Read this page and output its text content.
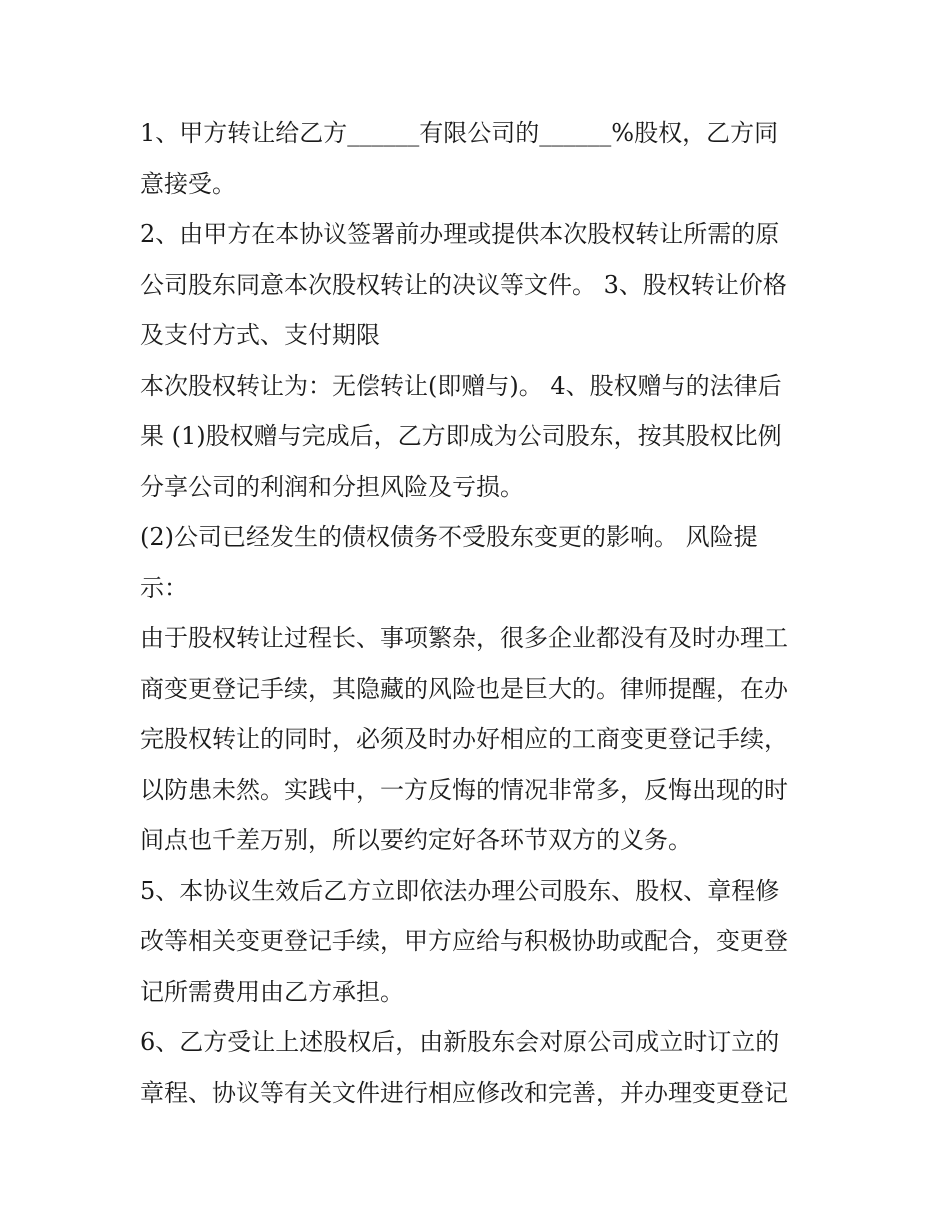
1、甲方转让给乙方______有限公司的______%股权，乙方同
意接受。

2、由甲方在本协议签署前办理或提供本次股权转让所需的原
公司股东同意本次股权转让的决议等文件。 3、股权转让价格
及支付方式、支付期限

本次股权转让为：无偿转让(即赠与)。 4、股权赠与的法律后
果 (1)股权赠与完成后，乙方即成为公司股东，按其股权比例
分享公司的利润和分担风险及亏损。

(2)公司已经发生的债权债务不受股东变更的影响。 风险提
示：

由于股权转让过程长、事项繁杂，很多企业都没有及时办理工
商变更登记手续，其隐藏的风险也是巨大的。律师提醒，在办
完股权转让的同时，必须及时办好相应的工商变更登记手续，
以防患未然。实践中，一方反悔的情况非常多，反悔出现的时
间点也千差万别，所以要约定好各环节双方的义务。

5、本协议生效后乙方立即依法办理公司股东、股权、章程修
改等相关变更登记手续，甲方应给与积极协助或配合，变更登
记所需费用由乙方承担。

6、乙方受让上述股权后，由新股东会对原公司成立时订立的
章程、协议等有关文件进行相应修改和完善，并办理变更登记
